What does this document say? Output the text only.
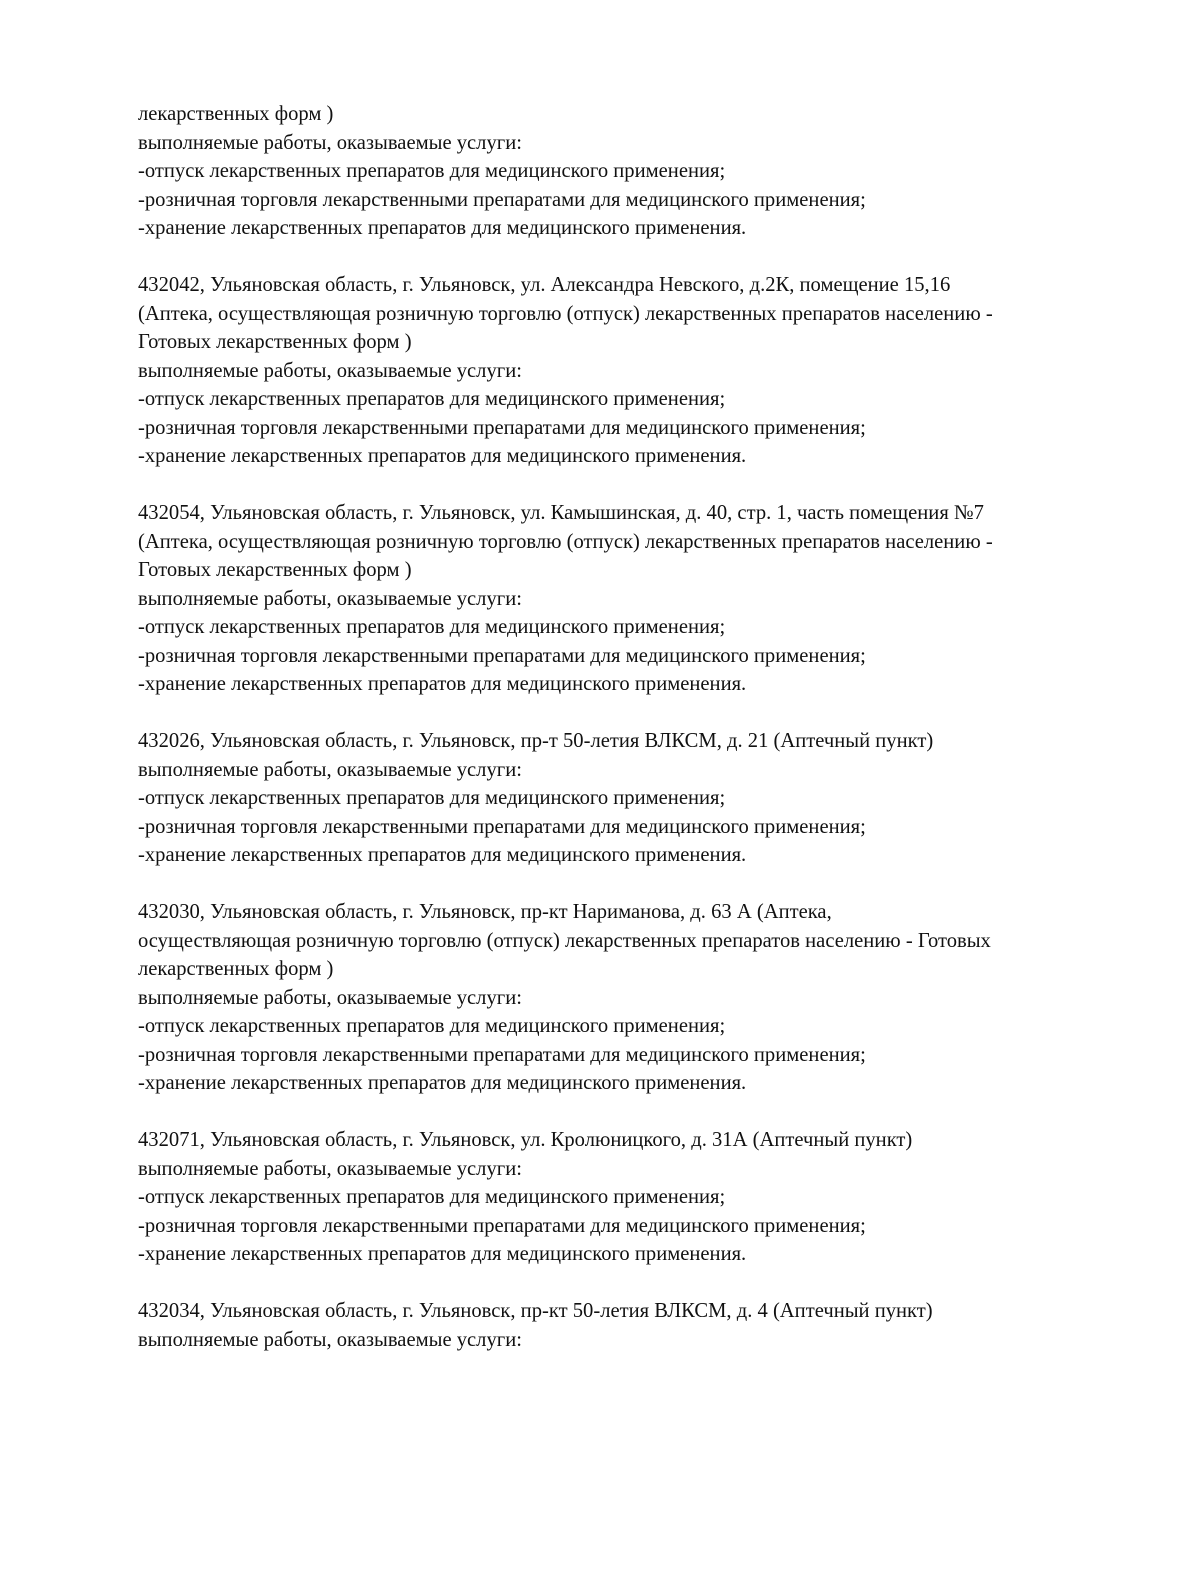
лекарственных форм )
выполняемые работы, оказываемые услуги:
-отпуск лекарственных препаратов для медицинского применения;
-розничная торговля лекарственными препаратами для медицинского применения;
-хранение лекарственных препаратов для медицинского применения.
432042, Ульяновская область, г. Ульяновск, ул. Александра Невского, д.2К, помещение 15,16
(Аптека, осуществляющая розничную торговлю (отпуск) лекарственных препаратов населению -
Готовых лекарственных форм )
выполняемые работы, оказываемые услуги:
-отпуск лекарственных препаратов для медицинского применения;
-розничная торговля лекарственными препаратами для медицинского применения;
-хранение лекарственных препаратов для медицинского применения.
432054, Ульяновская область, г. Ульяновск, ул. Камышинская, д. 40, стр. 1, часть помещения №7
(Аптека, осуществляющая розничную торговлю (отпуск) лекарственных препаратов населению -
Готовых лекарственных форм )
выполняемые работы, оказываемые услуги:
-отпуск лекарственных препаратов для медицинского применения;
-розничная торговля лекарственными препаратами для медицинского применения;
-хранение лекарственных препаратов для медицинского применения.
432026, Ульяновская область, г. Ульяновск, пр-т 50-летия ВЛКСМ, д. 21 (Аптечный пункт)
выполняемые работы, оказываемые услуги:
-отпуск лекарственных препаратов для медицинского применения;
-розничная торговля лекарственными препаратами для медицинского применения;
-хранение лекарственных препаратов для медицинского применения.
432030, Ульяновская область, г. Ульяновск, пр-кт Нариманова, д. 63 А (Аптека,
осуществляющая розничную торговлю (отпуск) лекарственных препаратов населению - Готовых
лекарственных форм )
выполняемые работы, оказываемые услуги:
-отпуск лекарственных препаратов для медицинского применения;
-розничная торговля лекарственными препаратами для медицинского применения;
-хранение лекарственных препаратов для медицинского применения.
432071, Ульяновская область, г. Ульяновск, ул. Кролюницкого, д. 31А (Аптечный пункт)
выполняемые работы, оказываемые услуги:
-отпуск лекарственных препаратов для медицинского применения;
-розничная торговля лекарственными препаратами для медицинского применения;
-хранение лекарственных препаратов для медицинского применения.
432034, Ульяновская область, г. Ульяновск, пр-кт 50-летия ВЛКСМ, д. 4 (Аптечный пункт)
выполняемые работы, оказываемые услуги:
